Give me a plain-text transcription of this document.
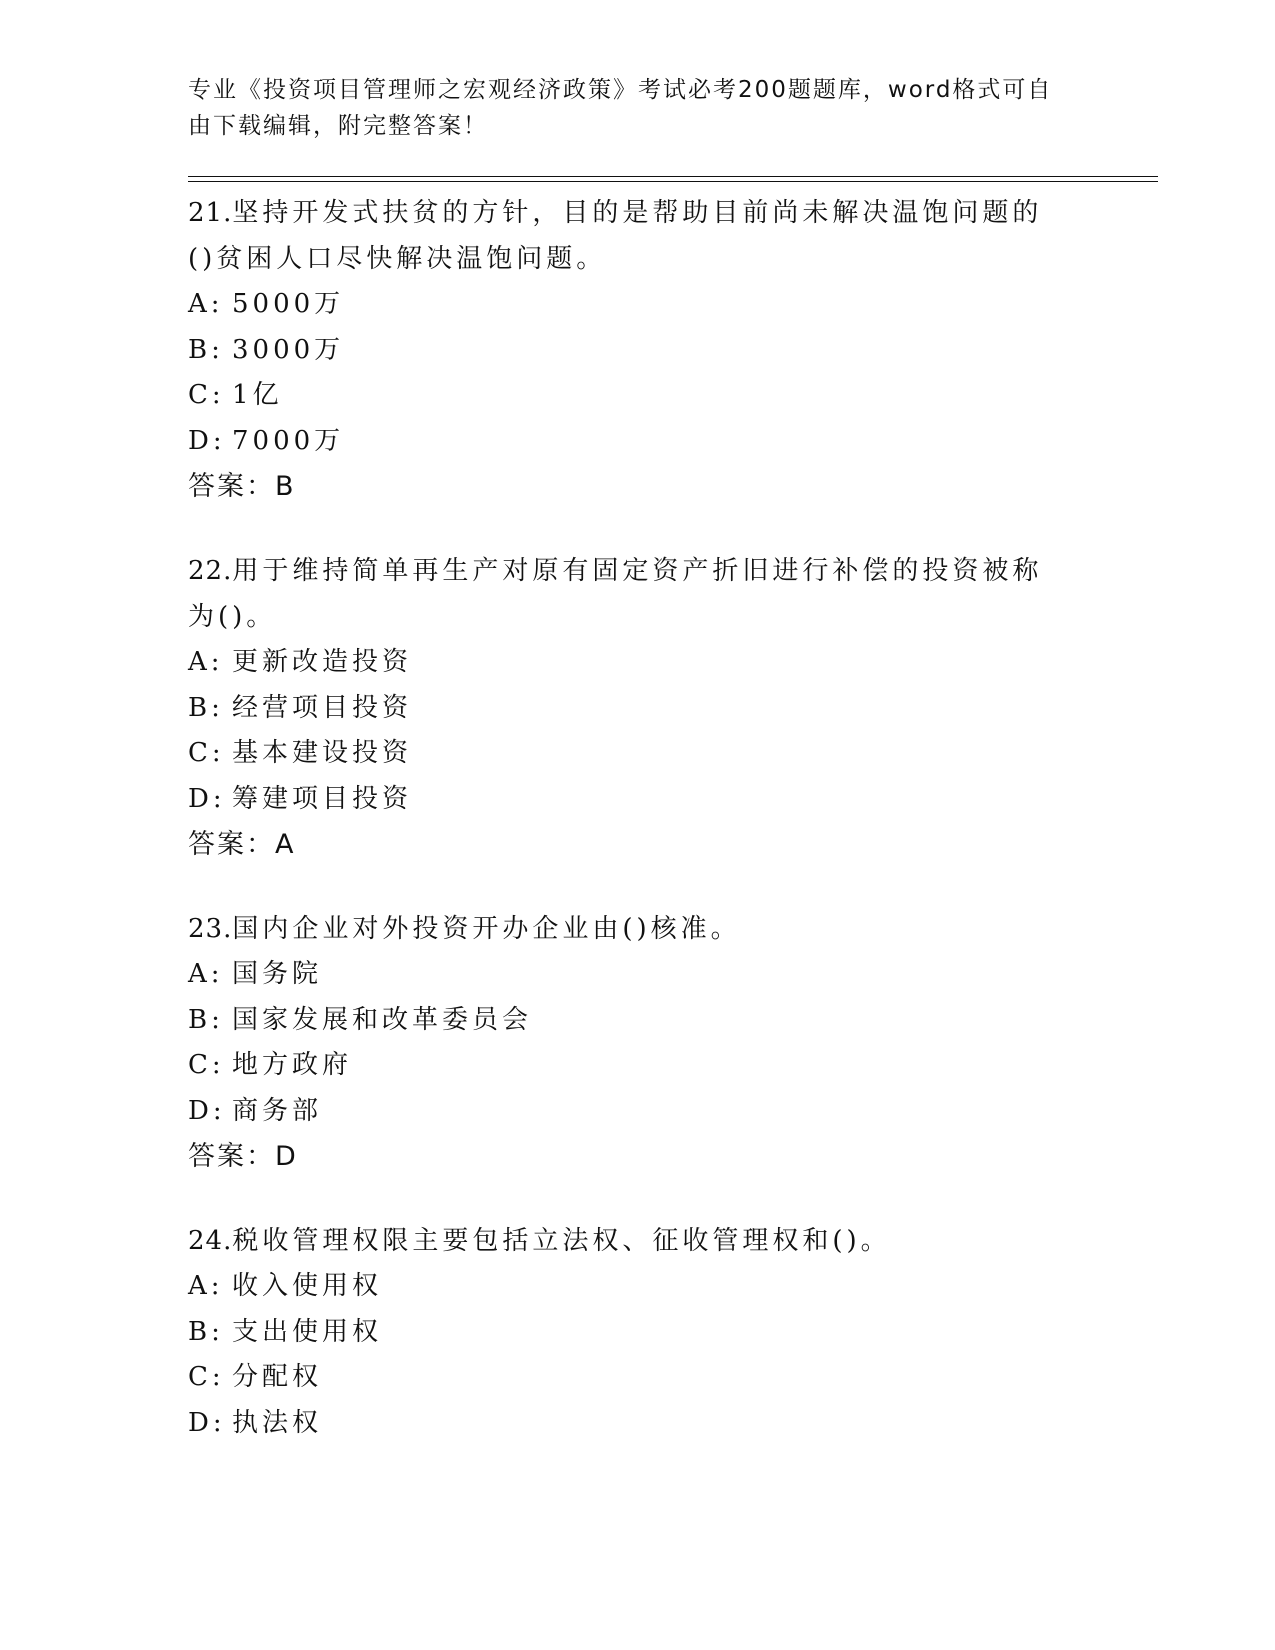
专业《投资项目管理师之宏观经济政策》考试必考200题题库，word格式可自由下载编辑，附完整答案！

21.坚持开发式扶贫的方针，目的是帮助目前尚未解决温饱问题的()贫困人口尽快解决温饱问题。

A: 5000万

B: 3000万

C: 1亿

D: 7000万

答案：B

22.用于维持简单再生产对原有固定资产折旧进行补偿的投资被称为()。

A: 更新改造投资

B: 经营项目投资

C: 基本建设投资

D: 筹建项目投资

答案：A

23.国内企业对外投资开办企业由()核准。

A: 国务院

B: 国家发展和改革委员会

C: 地方政府

D: 商务部

答案：D

24.税收管理权限主要包括立法权、征收管理权和()。

A: 收入使用权

B: 支出使用权

C: 分配权

D: 执法权
